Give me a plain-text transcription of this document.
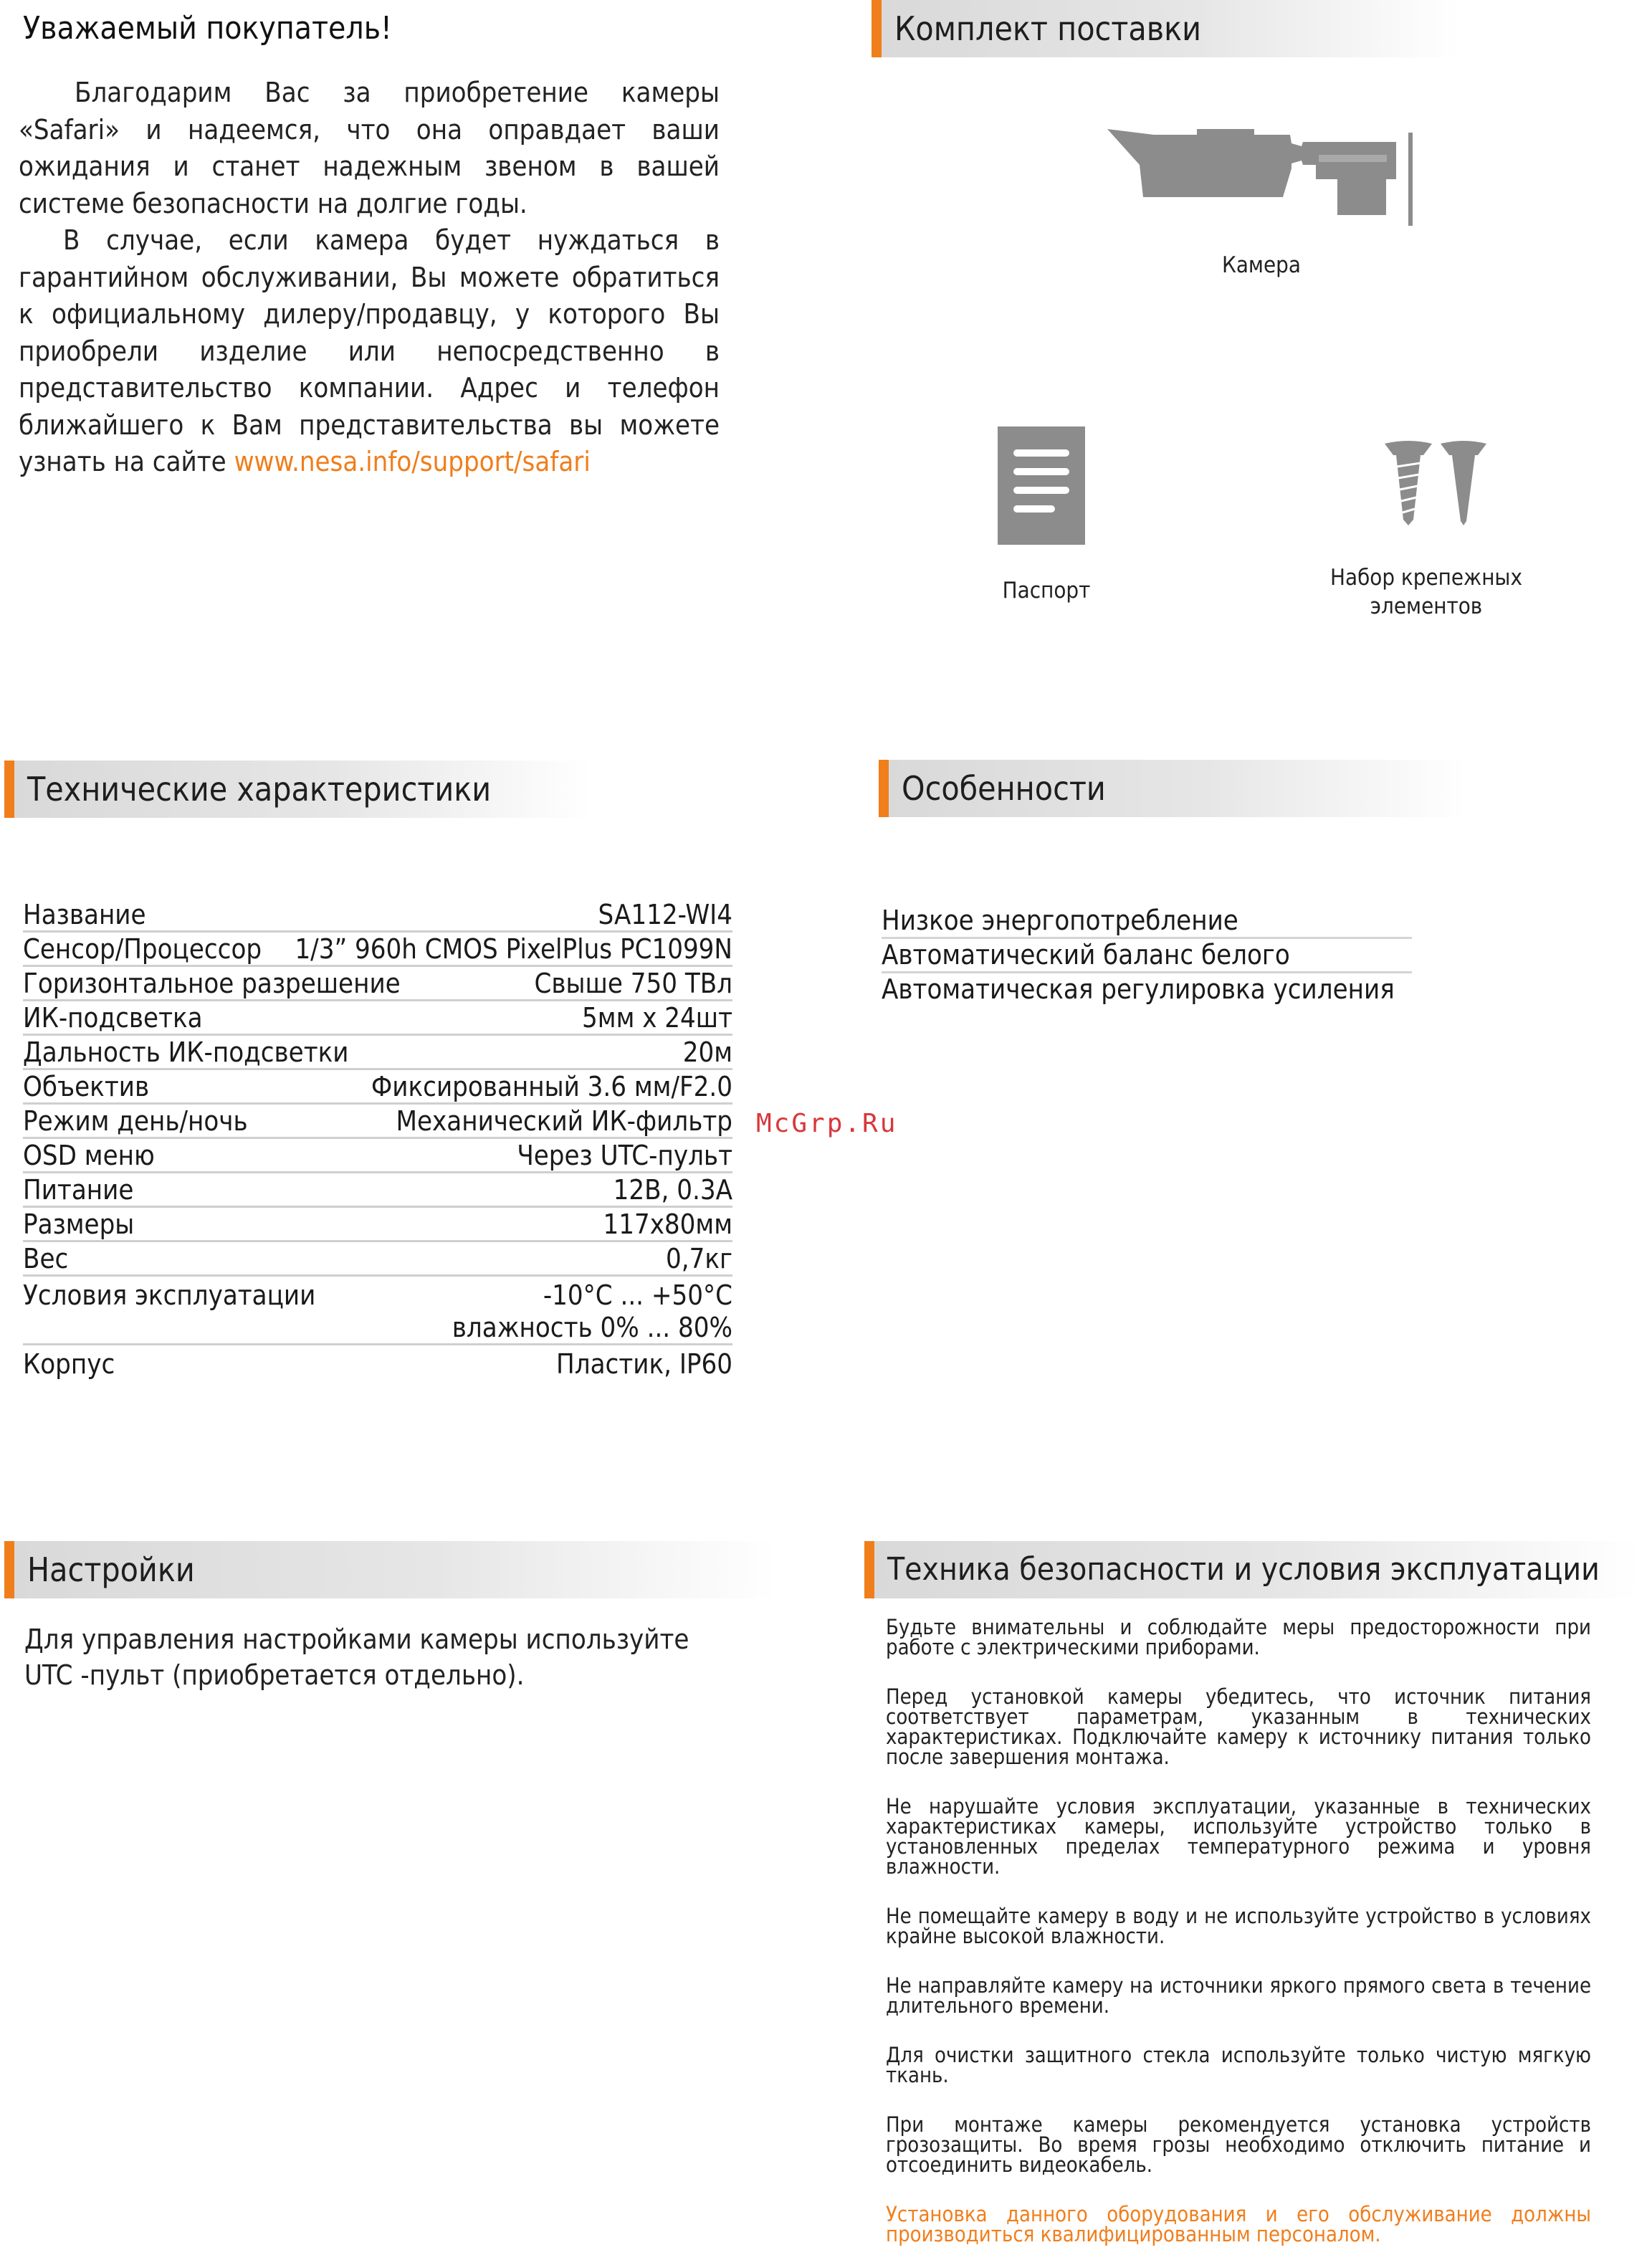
Уважаемый покупатель!

Благодарим Вас за приобретение камеры «Safari» и надеемся, что она оправдает ваши ожидания и станет надежным звеном в вашей системе безопасности на долгие годы.

В случае, если камера будет нуждаться в гарантийном обслуживании, Вы можете обратиться к официальному дилеру/продавцу, у которого Вы приобрели изделие или непосредственно в представительство компании. Адрес и телефон ближайшего к Вам представительства вы можете узнать на сайте www.nesa.info/support/safari

Комплект поставки
Камера
Паспорт	Набор крепежных
элементов
Технические характеристики
Название	SA112-WI4
Сенсор/Процессор 1/3” 960h CMOS PixelPlus PC1099N
Горизонтальное разрешение	Свыше 750 ТВл
ИК-подсветка	5мм х 24шт
Дальность ИК-подсветки	20м
Объектив	Фиксированный 3.6 мм/F2.0
Режим день/ночь	Механический ИК-фильтр
OSD меню	Через UTC-пульт
Питание	12В, 0.3А
Размеры	117х80мм
Вес	0,7кг
Условия эксплуатации	-10°С ... +50°С
влажность 0% ... 80%
Корпус	Пластик, IP60
Особенности
Низкое энергопотребление
Автоматический баланс белого
Автоматическая регулировка усиления
McGrp.Ru
Настройки
Для управления настройками камеры используйте UTC -пульт (приобретается отдельно).
Техника безопасности и условия эксплуатации

Будьте внимательны и соблюдайте меры предосторожности при работе с электрическими приборами.

Перед установкой камеры убедитесь, что источник питания соответствует параметрам, указанным в технических характеристиках. Подключайте камеру к источнику питания только после завершения монтажа.

Не нарушайте условия эксплуатации, указанные в технических характеристиках камеры, используйте устройство только в установленных пределах температурного режима и уровня влажности.

Не помещайте камеру в воду и не используйте устройство в условиях крайне высокой влажности.

Не направляйте камеру на источники яркого прямого света в течение длительного времени.

Для очистки защитного стекла используйте только чистую мягкую ткань.

При монтаже камеры рекомендуется установка устройств грозозащиты. Во время грозы необходимо отключить питание и отсоединить видеокабель.

Установка данного оборудования и его обслуживание должны производиться квалифицированным персоналом.
